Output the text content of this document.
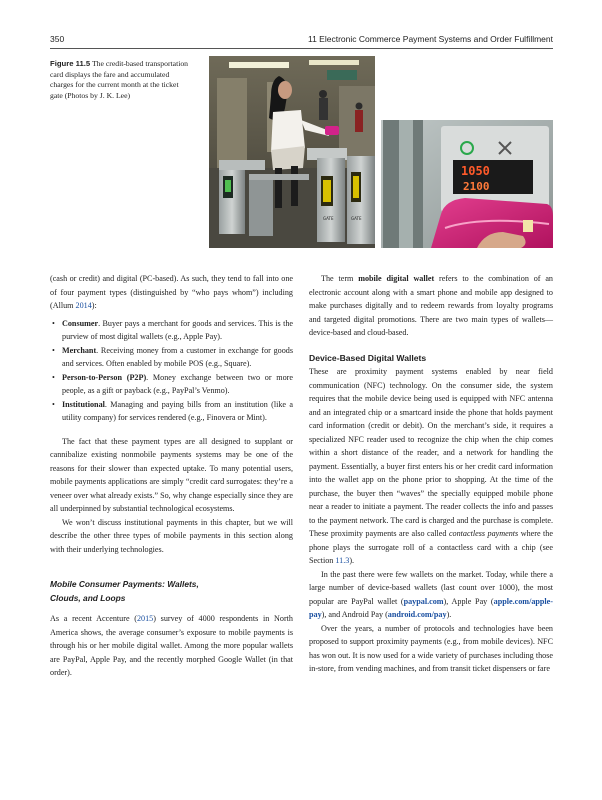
350	11 Electronic Commerce Payment Systems and Order Fulfillment
Figure 11.5 The credit-based transportation card displays the fare and accumulated charges for the current month at the ticket gate (Photos by J. K. Lee)
GATE	GATE
1050
2100

(cash or credit) and digital (PC-based). As such, they tend to fall into one of four payment types (distinguished by “who pays whom”) including (Allum 2014):

• Consumer. Buyer pays a merchant for goods and services. This is the purview of most digital wallets (e.g., Apple Pay).
• Merchant. Receiving money from a customer in exchange for goods and services. Often enabled by mobile POS (e.g., Square).
• Person-to-Person (P2P). Money exchange between two or more people, as a gift or payback (e.g., PayPal’s Venmo).
• Institutional. Managing and paying bills from an institution (like a utility company) for services rendered (e.g., Finovera or Mint).

The fact that these payment types are all designed to supplant or cannibalize existing nonmobile payments systems may be one of the reasons for their slower than expected uptake. To many potential users, mobile payments applications are simply “credit card surrogates: they’re a veneer over what already exists.” So, why change especially since they are all underpinned by substantial technological ecosystems.

We won’t discuss institutional payments in this chapter, but we will describe the other three types of mobile payments in this section along with their underlying technologies.

Mobile Consumer Payments: Wallets,
Clouds, and Loops

As a recent Accenture (2015) survey of 4000 respondents in North America shows, the average consumer’s exposure to mobile payments is through his or her mobile digital wallet. Among the more popular wallets are PayPal, Apple Pay, and the recently morphed Google Wallet (in that order).

The term mobile digital wallet refers to the combination of an electronic account along with a smart phone and mobile app designed to make purchases digitally and to redeem rewards from loyalty programs and targeted digital promotions. There are two main types of wallets—device-based and cloud-based.

Device-Based Digital Wallets

These are proximity payment systems enabled by near field communication (NFC) technology. On the consumer side, the system requires that the mobile device being used is equipped with NFC antenna and an integrated chip or a smartcard inside the phone that holds payment card information (credit or debit). On the merchant’s side, it requires a specialized NFC reader used to recognize the chip when the chip comes within a short distance of the reader, and a network for handling the payment. Essentially, a buyer first enters his or her credit card information into the wallet app on the phone prior to shopping. At the time of the purchase, the buyer then “waves” the specially equipped mobile phone near a reader to initiate a payment. The reader collects the info and passes to the payment network. The card is charged and the purchase is complete. These proximity payments are also called contactless payments where the phone plays the surrogate roll of a contactless card with a chip (see Section 11.3).

In the past there were few wallets on the market. Today, while there a large number of device-based wallets (last count over 1000), the most popular are PayPal wallet (paypal.com), Apple Pay (apple.com/apple-pay), and Android Pay (android.com/pay).

Over the years, a number of protocols and technologies have been proposed to support proximity payments (e.g., from mobile devices). NFC has won out. It is now used for a wide variety of purchases including those in-store, from vending machines, and from transit ticket dispensers or fare
